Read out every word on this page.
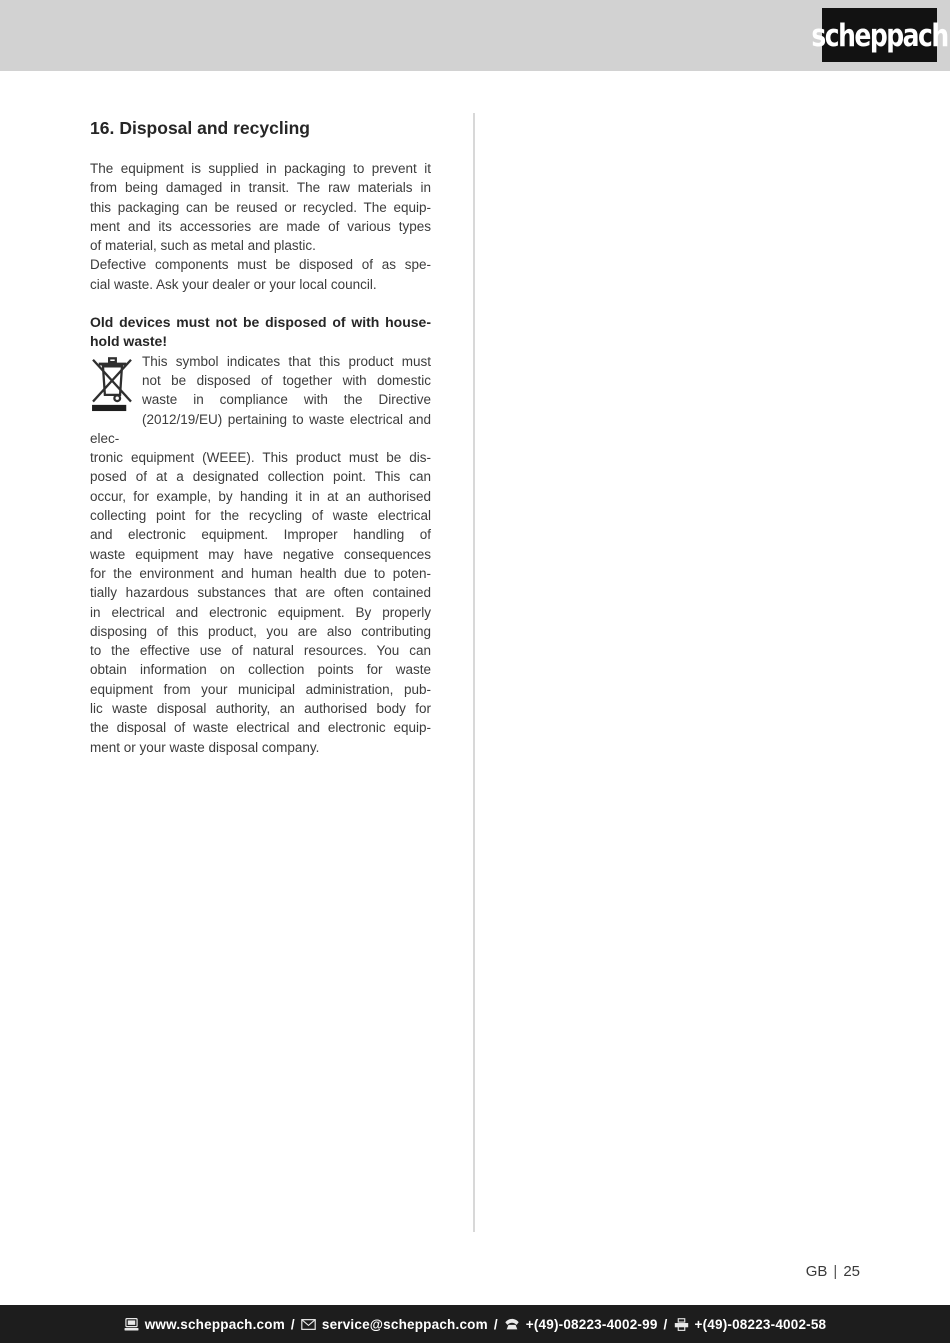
scheppach
16. Disposal and recycling
The equipment is supplied in packaging to prevent it
from being damaged in transit. The raw materials in
this packaging can be reused or recycled. The equip-
ment and its accessories are made of various types
of material, such as metal and plastic.
Defective components must be disposed of as spe-
cial waste. Ask your dealer or your local council.
Old devices must not be disposed of with house-
hold waste!
This symbol indicates that this product must
not be disposed of together with domestic
waste in compliance with the Directive
(2012/19/EU) pertaining to waste electrical and elec-
tronic equipment (WEEE). This product must be dis-
posed of at a designated collection point. This can
occur, for example, by handing it in at an authorised
collecting point for the recycling of waste electrical
and electronic equipment. Improper handling of
waste equipment may have negative consequences
for the environment and human health due to poten-
tially hazardous substances that are often contained
in electrical and electronic equipment. By properly
disposing of this product, you are also contributing
to the effective use of natural resources. You can
obtain information on collection points for waste
equipment from your municipal administration, pub-
lic waste disposal authority, an authorised body for
the disposal of waste electrical and electronic equip-
ment or your waste disposal company.
GB | 25
www.scheppach.com / service@scheppach.com / +(49)-08223-4002-99 / +(49)-08223-4002-58
